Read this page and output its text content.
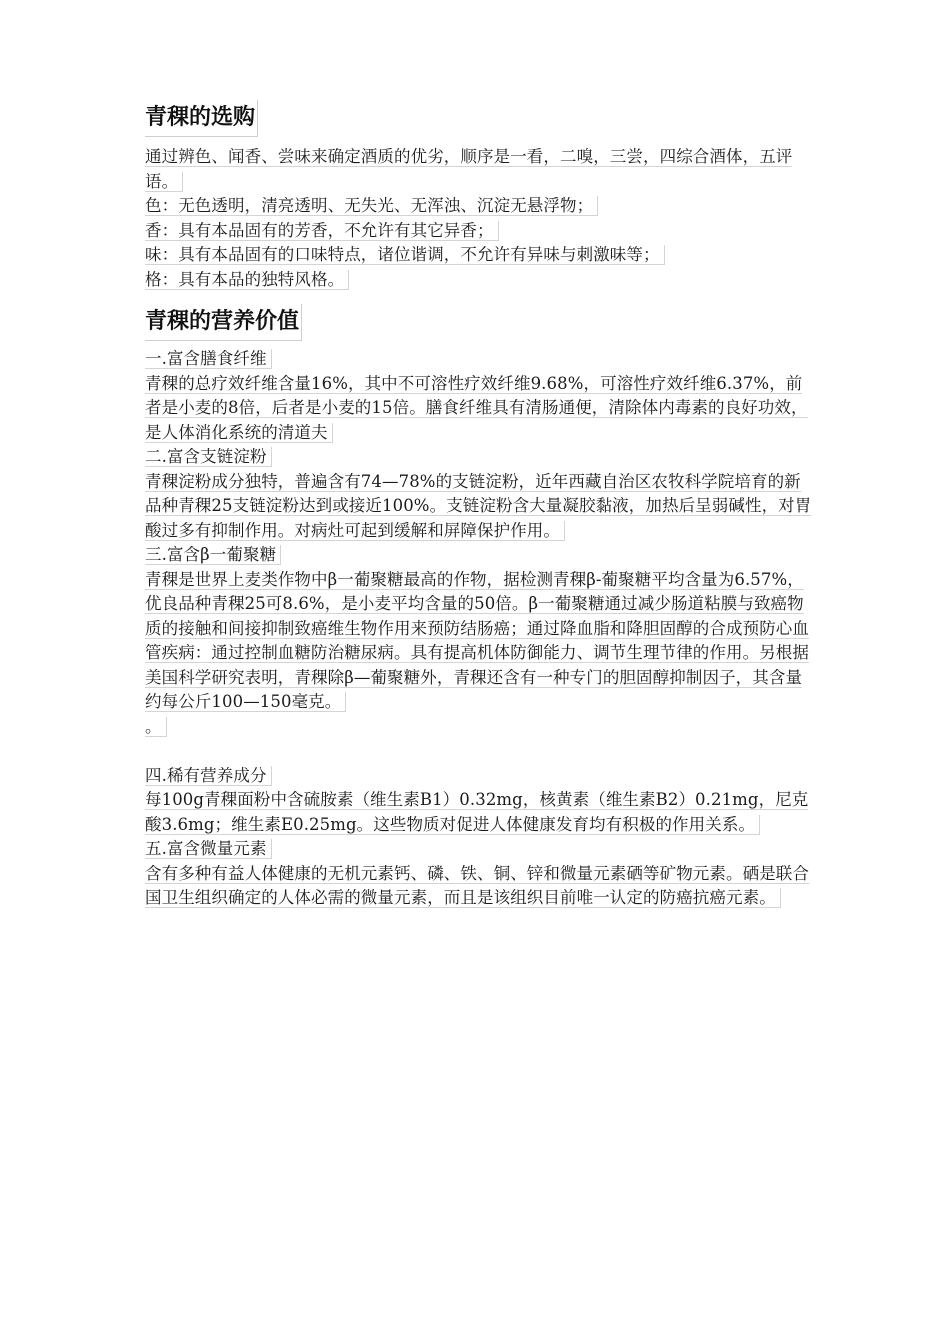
青稞的选购

通过辨色、闻香、尝味来确定酒质的优劣，顺序是一看，二嗅，三尝，四综合酒体，五评语。

色：无色透明，清亮透明、无失光、无浑浊、沉淀无悬浮物；

香：具有本品固有的芳香，不允许有其它异香；

味：具有本品固有的口味特点，诸位谐调，不允许有异味与刺激味等；

格：具有本品的独特风格。

青稞的营养价值

一.富含膳食纤维

青稞的总疗效纤维含量16%，其中不可溶性疗效纤维9.68%，可溶性疗效纤维6.37%，前者是小麦的8倍，后者是小麦的15倍。膳食纤维具有清肠通便，清除体内毒素的良好功效，是人体消化系统的清道夫

二.富含支链淀粉

青稞淀粉成分独特，普遍含有74—78%的支链淀粉，近年西藏自治区农牧科学院培育的新品种青稞25支链淀粉达到或接近100%。支链淀粉含大量凝胶黏液，加热后呈弱碱性，对胃酸过多有抑制作用。对病灶可起到缓解和屏障保护作用。

三.富含β一葡聚糖

青稞是世界上麦类作物中β一葡聚糖最高的作物，据检测青稞β-葡聚糖平均含量为6.57%，优良品种青稞25可8.6%，是小麦平均含量的50倍。β一葡聚糖通过减少肠道粘膜与致癌物质的接触和间接抑制致癌维生物作用来预防结肠癌；通过降血脂和降胆固醇的合成预防心血管疾病：通过控制血糖防治糖尿病。具有提高机体防御能力、调节生理节律的作用。另根据美国科学研究表明，青稞除β—葡聚糖外，青稞还含有一种专门的胆固醇抑制因子，其含量约每公斤100—150毫克。

。

四.稀有营养成分

每100g青稞面粉中含硫胺素（维生素B1）0.32mg，核黄素（维生素B2）0.21mg，尼克酸3.6mg；维生素E0.25mg。这些物质对促进人体健康发育均有积极的作用关系。

五.富含微量元素

含有多种有益人体健康的无机元素钙、磷、铁、铜、锌和微量元素硒等矿物元素。硒是联合国卫生组织确定的人体必需的微量元素，而且是该组织目前唯一认定的防癌抗癌元素。
